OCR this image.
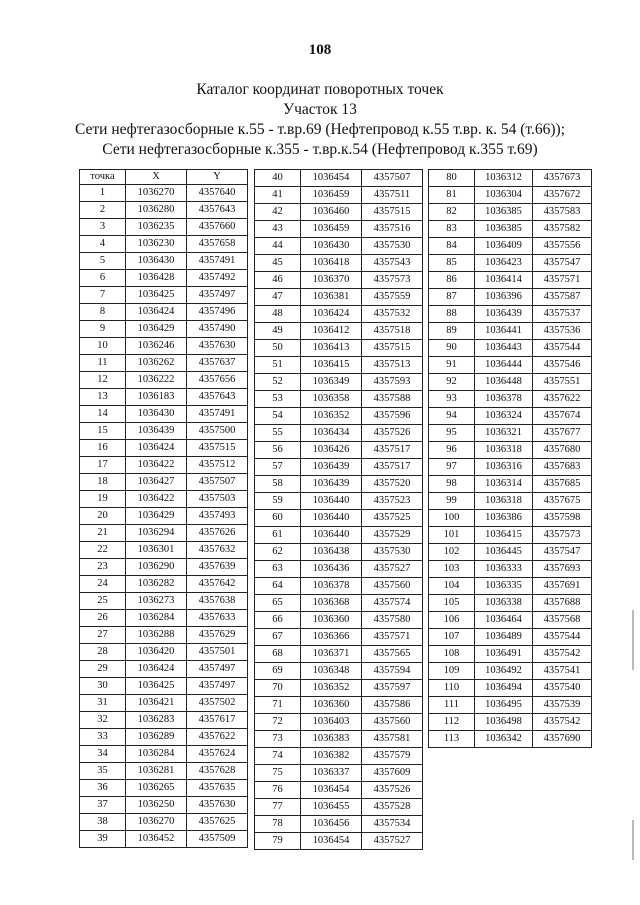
108
Каталог координат поворотных точек
Участок 13
Сети нефтегазосборные к.55 - т.вр.69 (Нефтепровод к.55 т.вр. к. 54 (т.66));
Сети нефтегазосборные к.355 - т.вр.к.54 (Нефтепровод к.355 т.69)
точка	X	Y
1	1036270	4357640
2	1036280	4357643
3	1036235	4357660
4	1036230	4357658
5	1036430	4357491
6	1036428	4357492
7	1036425	4357497
8	1036424	4357496
9	1036429	4357490
10	1036246	4357630
11	1036262	4357637
12	1036222	4357656
13	1036183	4357643
14	1036430	4357491
15	1036439	4357500
16	1036424	4357515
17	1036422	4357512
18	1036427	4357507
19	1036422	4357503
20	1036429	4357493
21	1036294	4357626
22	1036301	4357632
23	1036290	4357639
24	1036282	4357642
25	1036273	4357638
26	1036284	4357633
27	1036288	4357629
28	1036420	4357501
29	1036424	4357497
30	1036425	4357497
31	1036421	4357502
32	1036283	4357617
33	1036289	4357622
34	1036284	4357624
35	1036281	4357628
36	1036265	4357635
37	1036250	4357630
38	1036270	4357625
39	1036452	4357509
40	1036454	4357507
41	1036459	4357511
42	1036460	4357515
43	1036459	4357516
44	1036430	4357530
45	1036418	4357543
46	1036370	4357573
47	1036381	4357559
48	1036424	4357532
49	1036412	4357518
50	1036413	4357515
51	1036415	4357513
52	1036349	4357593
53	1036358	4357588
54	1036352	4357596
55	1036434	4357526
56	1036426	4357517
57	1036439	4357517
58	1036439	4357520
59	1036440	4357523
60	1036440	4357525
61	1036440	4357529
62	1036438	4357530
63	1036436	4357527
64	1036378	4357560
65	1036368	4357574
66	1036360	4357580
67	1036366	4357571
68	1036371	4357565
69	1036348	4357594
70	1036352	4357597
71	1036360	4357586
72	1036403	4357560
73	1036383	4357581
74	1036382	4357579
75	1036337	4357609
76	1036454	4357526
77	1036455	4357528
78	1036456	4357534
79	1036454	4357527
80	1036312	4357673
81	1036304	4357672
82	1036385	4357583
83	1036385	4357582
84	1036409	4357556
85	1036423	4357547
86	1036414	4357571
87	1036396	4357587
88	1036439	4357537
89	1036441	4357536
90	1036443	4357544
91	1036444	4357546
92	1036448	4357551
93	1036378	4357622
94	1036324	4357674
95	1036321	4357677
96	1036318	4357680
97	1036316	4357683
98	1036314	4357685
99	1036318	4357675
100	1036386	4357598
101	1036415	4357573
102	1036445	4357547
103	1036333	4357693
104	1036335	4357691
105	1036338	4357688
106	1036464	4357568
107	1036489	4357544
108	1036491	4357542
109	1036492	4357541
110	1036494	4357540
111	1036495	4357539
112	1036498	4357542
113	1036342	4357690
